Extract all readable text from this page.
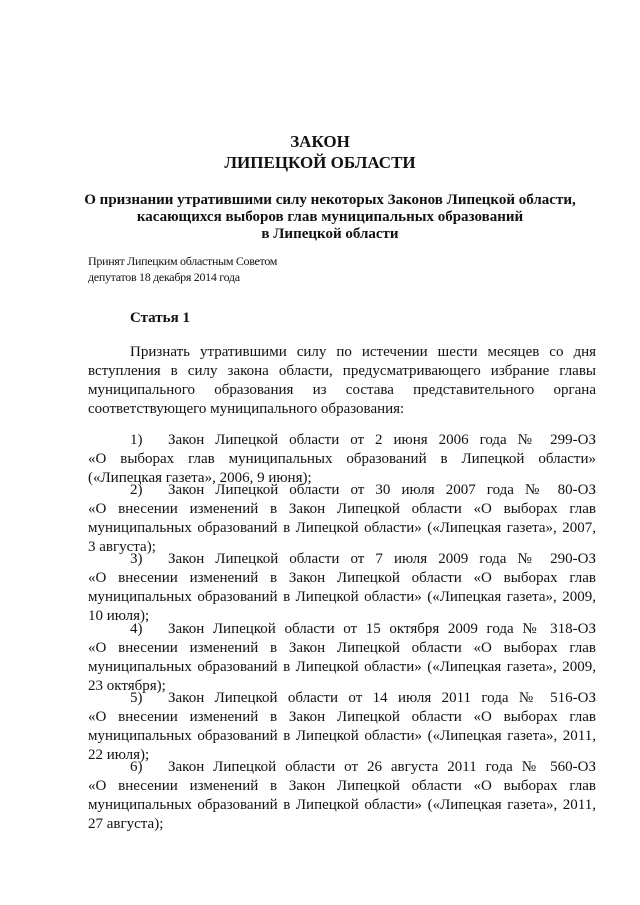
ЗАКОН
ЛИПЕЦКОЙ ОБЛАСТИ
О признании утратившими силу некоторых Законов Липецкой области,
касающихся выборов глав муниципальных образований
в Липецкой области
Принят Липецким областным Советом
депутатов 18 декабря 2014 года
Статья 1
Признать утратившими силу по истечении шести месяцев со дня
вступления в силу закона области, предусматривающего избрание главы
муниципального образования из состава представительного органа
соответствующего муниципального образования:
1)	Закон Липецкой области от 2 июня 2006 года № 299-ОЗ
«О выборах глав муниципальных образований в Липецкой области»
(«Липецкая газета», 2006, 9 июня);
2)	Закон Липецкой области от 30 июля 2007 года № 80-ОЗ
«О внесении изменений в Закон Липецкой области «О выборах глав
муниципальных образований в Липецкой области» («Липецкая газета», 2007,
3 августа);
3)	Закон Липецкой области от 7 июля 2009 года № 290-ОЗ
«О внесении изменений в Закон Липецкой области «О выборах глав
муниципальных образований в Липецкой области» («Липецкая газета», 2009,
10 июля);
4)	Закон Липецкой области от 15 октября 2009 года № 318-ОЗ
«О внесении изменений в Закон Липецкой области «О выборах глав
муниципальных образований в Липецкой области» («Липецкая газета», 2009,
23 октября);
5)	Закон Липецкой области от 14 июля 2011 года № 516-ОЗ
«О внесении изменений в Закон Липецкой области «О выборах глав
муниципальных образований в Липецкой области» («Липецкая газета», 2011,
22 июля);
6)	Закон Липецкой области от 26 августа 2011 года № 560-ОЗ
«О внесении изменений в Закон Липецкой области «О выборах глав
муниципальных образований в Липецкой области» («Липецкая газета», 2011,
27 августа);
